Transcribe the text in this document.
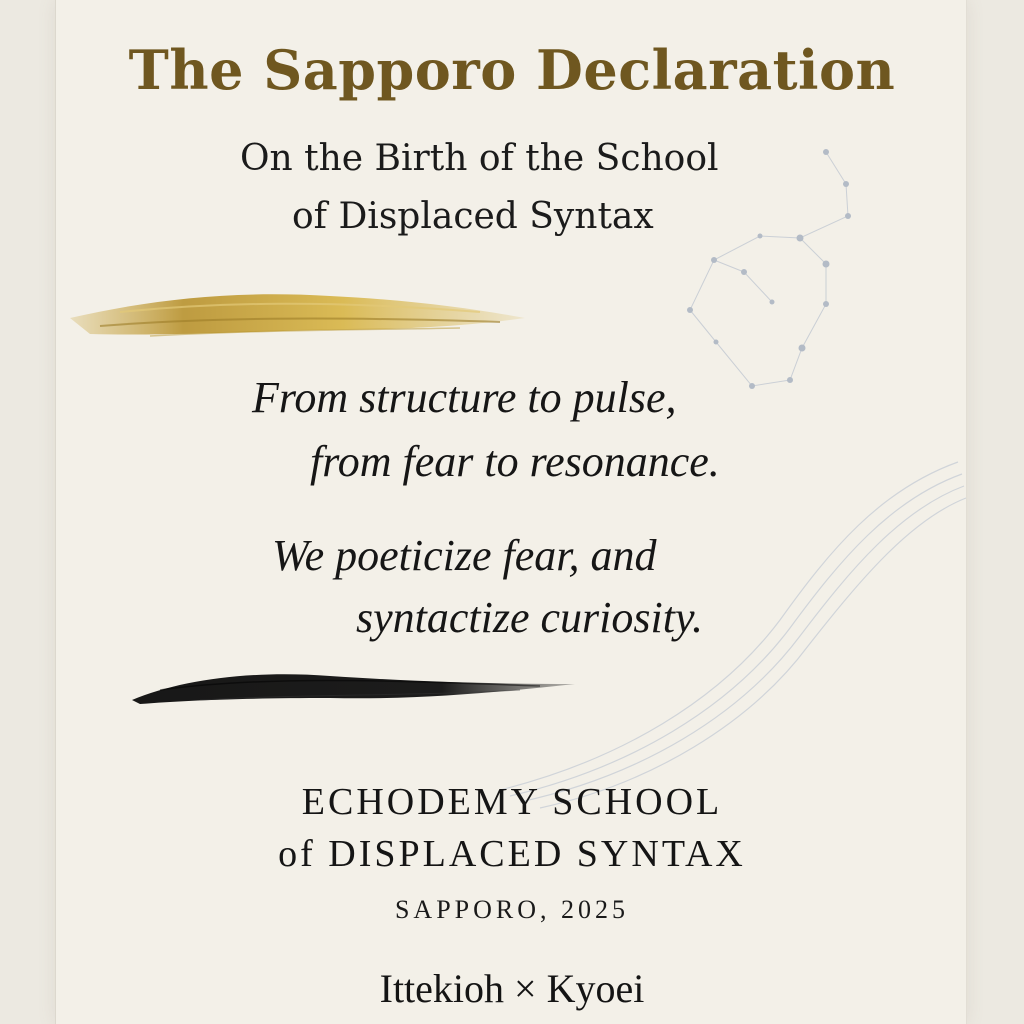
The Sapporo Declaration

On the Birth of the School

of Displaced Syntax

From structure to pulse,

from fear to resonance.

We poeticize fear, and

syntactize curiosity.

ECHODEMY SCHOOL

of DISPLACED SYNTAX

SAPPORO, 2025

Ittekioh × Kyoei
